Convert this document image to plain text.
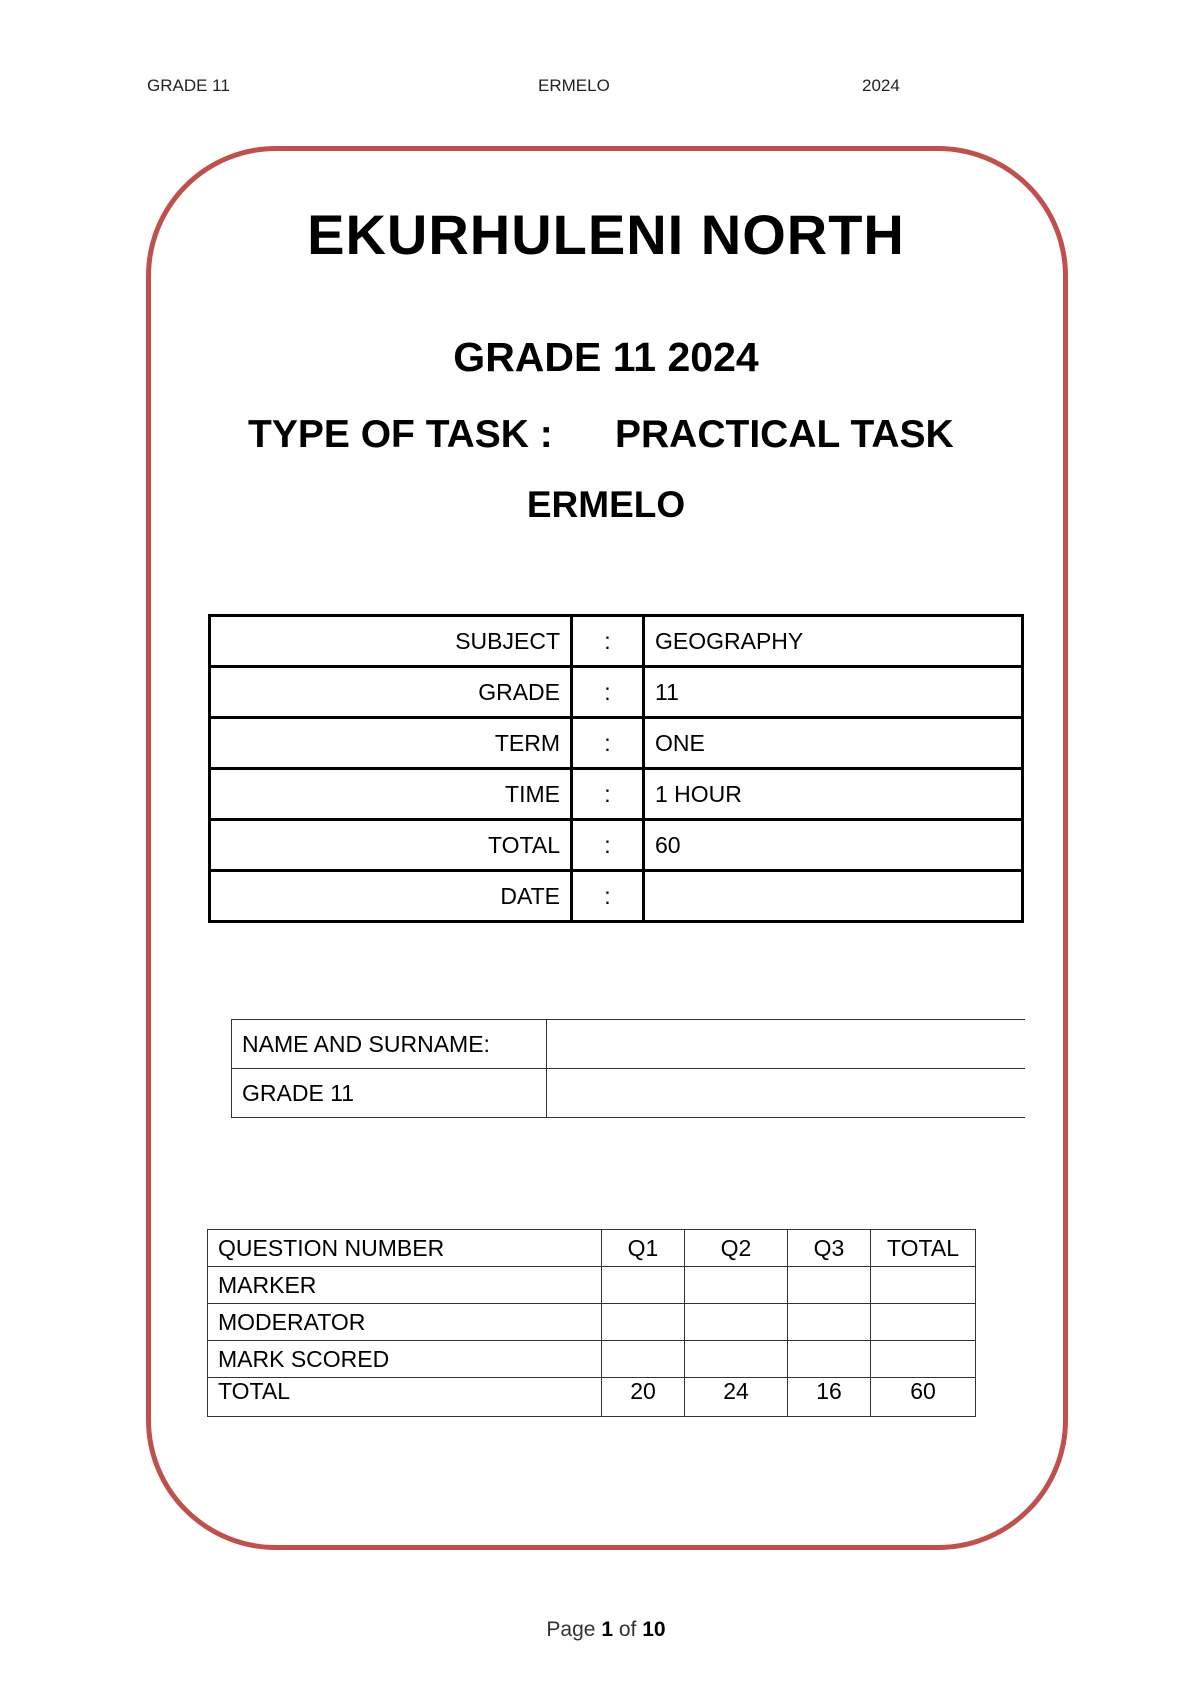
GRADE 11	ERMELO	2024
EKURHULENI NORTH
GRADE 11 2024
TYPE OF TASK : PRACTICAL TASK
ERMELO
SUBJECT	:	GEOGRAPHY
GRADE	:	11
TERM	:	ONE
TIME	:	1 HOUR
TOTAL	:	60
DATE	:	
NAME AND SURNAME:	
GRADE 11	
QUESTION NUMBER	Q1	Q2	Q3	TOTAL
MARKER				
MODERATOR				
MARK SCORED				
TOTAL	20	24	16	60
Page 1 of 10
